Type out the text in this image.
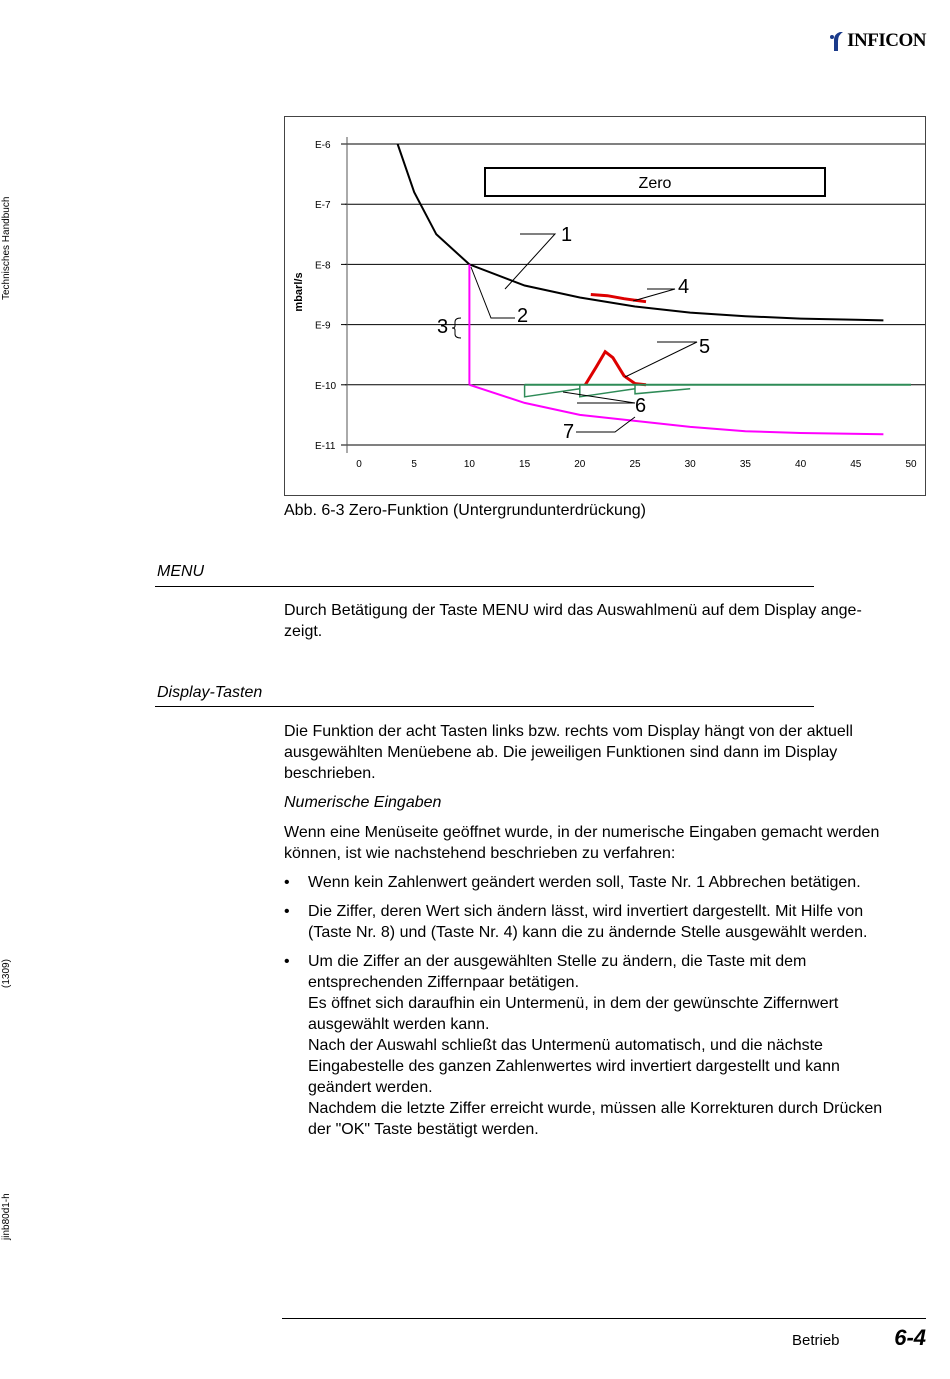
Technisches Handbuch
(1309)
jinb80d1-h
INFICON
E-6
E-7
E-8
E-9
E-10
E-11
0	5	10	15	20	25	30	35	40	45	50
mbarl/s
Zero
1
2
3
4
5
6
7
Abb. 6-3 Zero-Funktion (Untergrundunterdrückung)
MENU
Durch Betätigung der Taste MENU wird das Auswahlmenü auf dem Display ange-
zeigt.
Display-Tasten
Die Funktion der acht Tasten links bzw. rechts vom Display hängt von der aktuell
ausgewählten Menüebene ab. Die jeweiligen Funktionen sind dann im Display
beschrieben.
Numerische Eingaben
Wenn eine Menüseite geöffnet wurde, in der numerische Eingaben gemacht werden
können, ist wie nachstehend beschrieben zu verfahren:
• Wenn kein Zahlenwert geändert werden soll, Taste Nr. 1 Abbrechen betätigen.
• Die Ziffer, deren Wert sich ändern lässt, wird invertiert dargestellt. Mit Hilfe von
(Taste Nr. 8) und (Taste Nr. 4) kann die zu ändernde Stelle ausgewählt werden.
• Um die Ziffer an der ausgewählten Stelle zu ändern, die Taste mit dem
entsprechenden Ziffernpaar betätigen.
Es öffnet sich daraufhin ein Untermenü, in dem der gewünschte Ziffernwert
ausgewählt werden kann.
Nach der Auswahl schließt das Untermenü automatisch, und die nächste
Eingabestelle des ganzen Zahlenwertes wird invertiert dargestellt und kann
geändert werden.
Nachdem die letzte Ziffer erreicht wurde, müssen alle Korrekturen durch Drücken
der "OK" Taste bestätigt werden.
Betrieb 6-4
